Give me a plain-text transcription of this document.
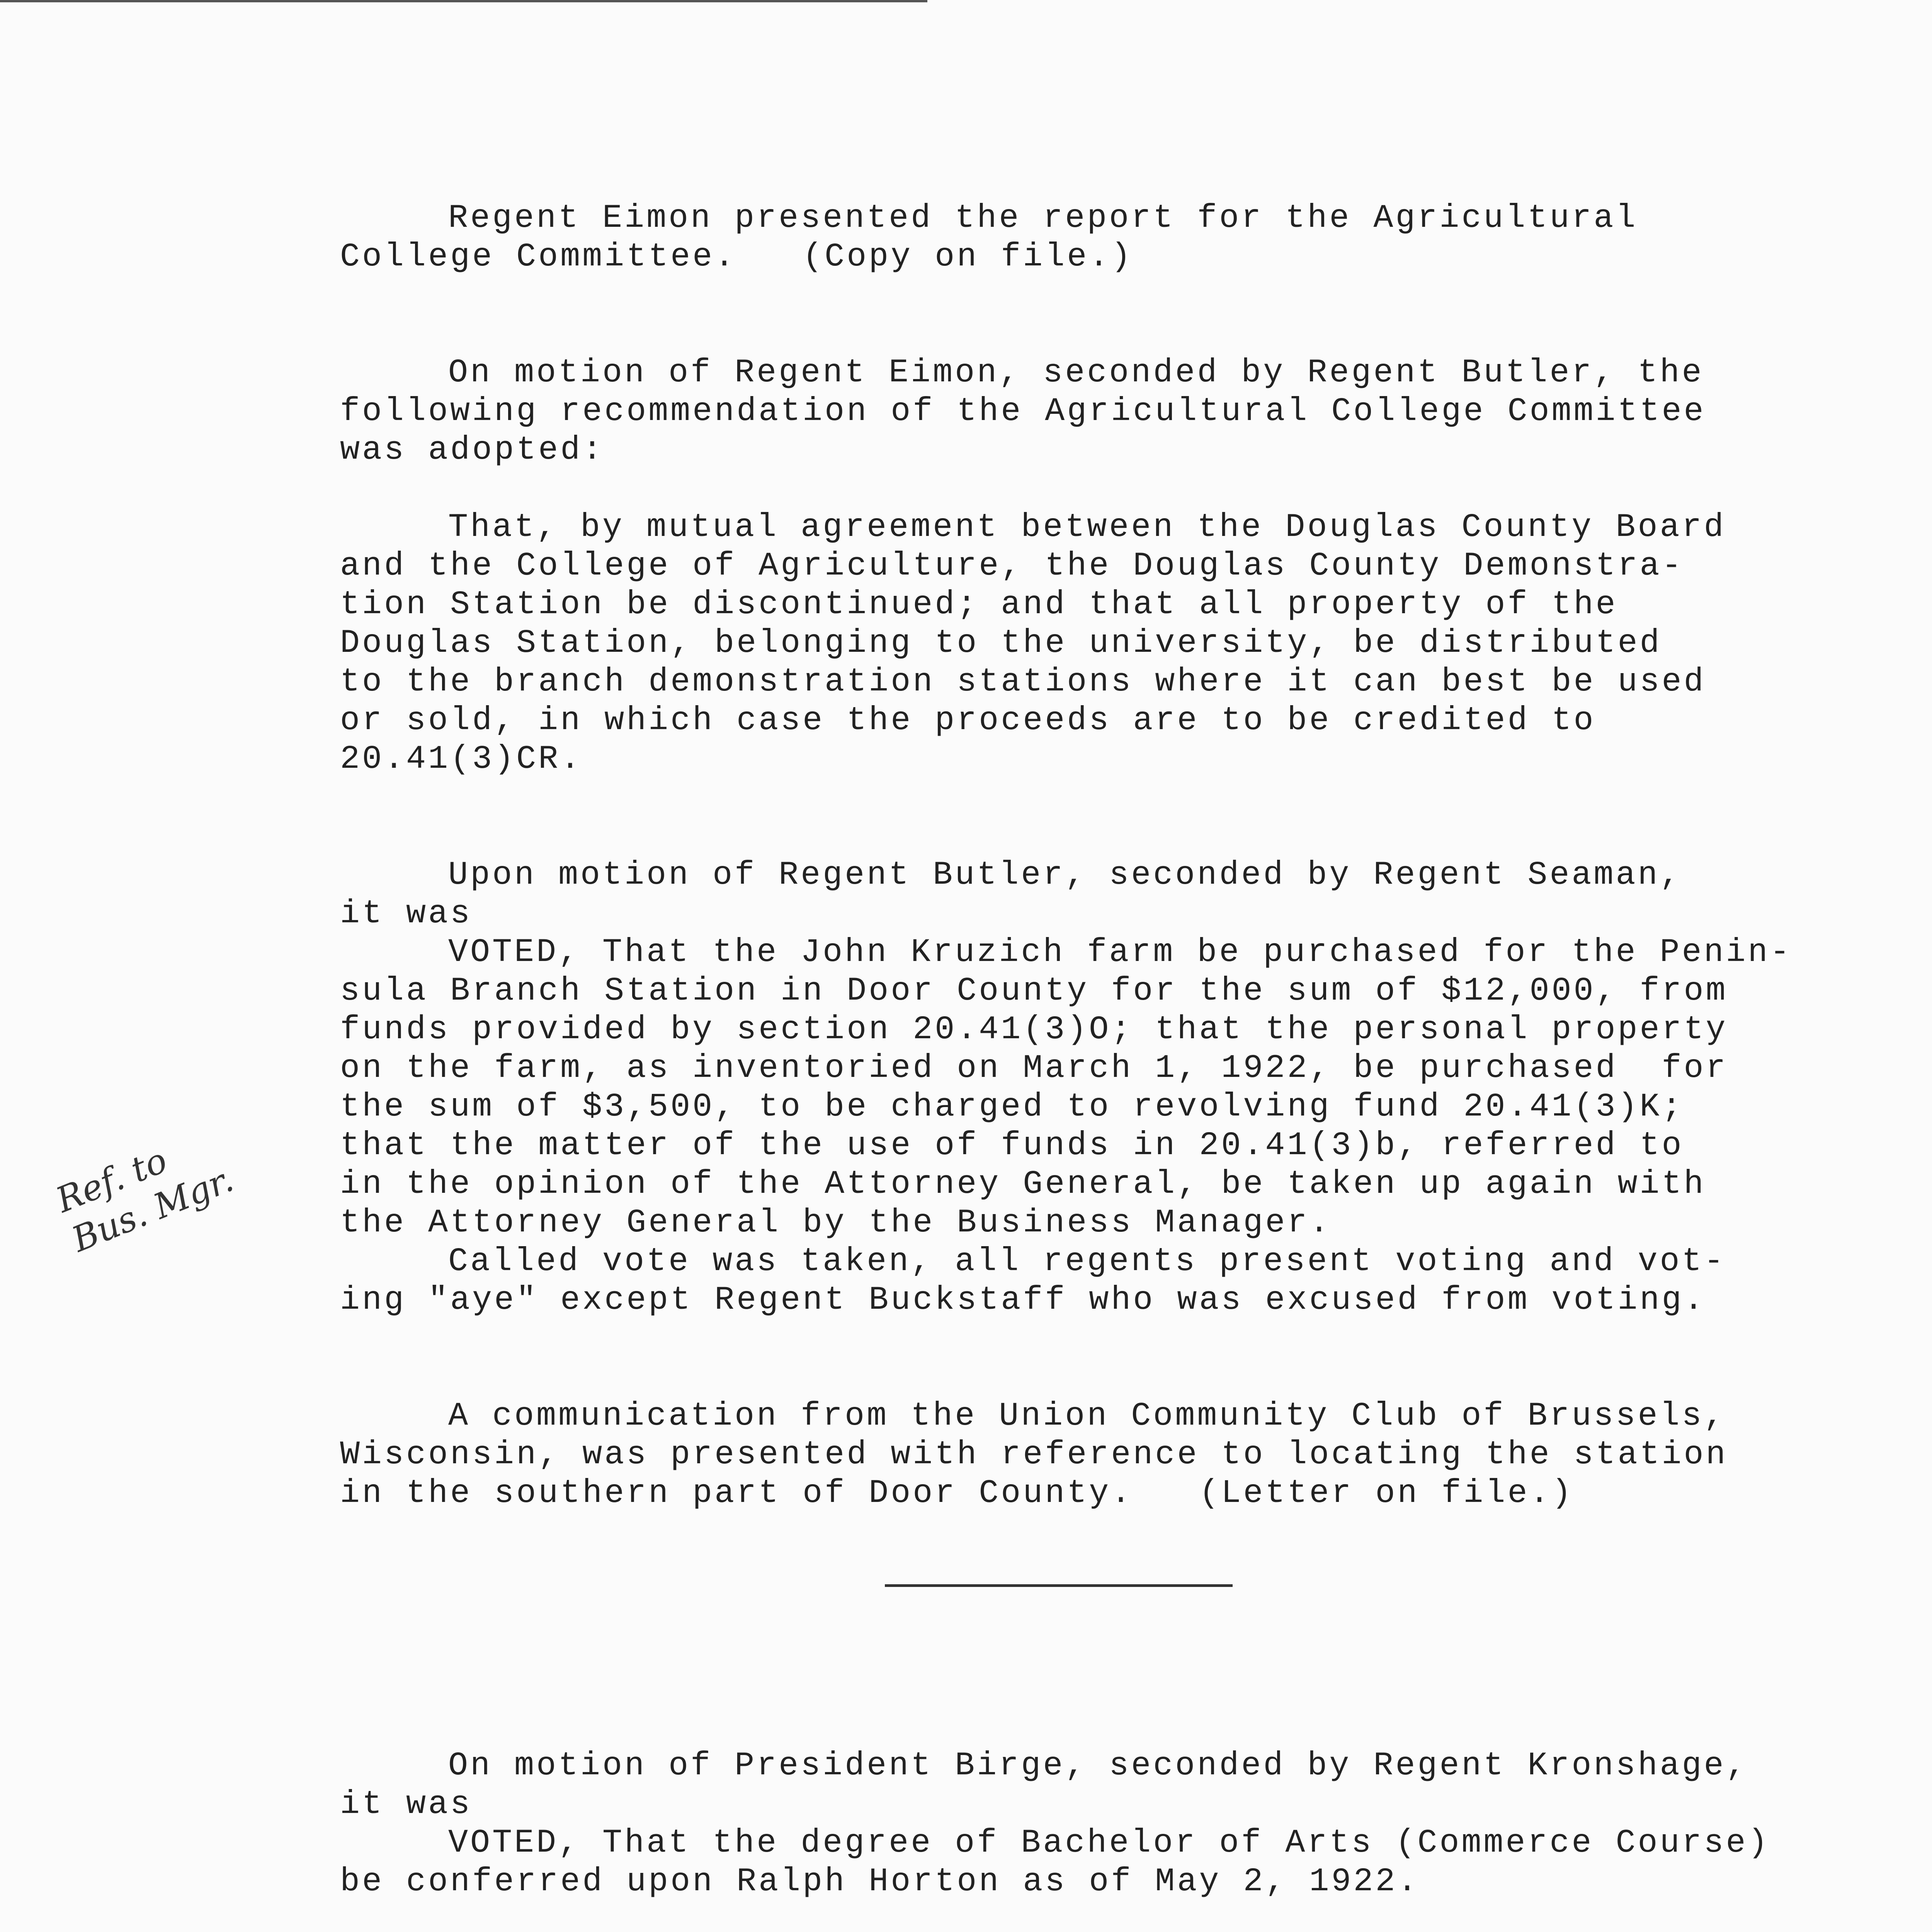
Regent Eimon presented the report for the Agricultural
College Committee.   (Copy on file.)
On motion of Regent Eimon, seconded by Regent Butler, the
following recommendation of the Agricultural College Committee
was adopted:
That, by mutual agreement between the Douglas County Board
and the College of Agriculture, the Douglas County Demonstra-
tion Station be discontinued; and that all property of the
Douglas Station, belonging to the university, be distributed
to the branch demonstration stations where it can best be used
or sold, in which case the proceeds are to be credited to
20.41(3)CR.
Upon motion of Regent Butler, seconded by Regent Seaman,
it was
VOTED, That the John Kruzich farm be purchased for the Penin-
sula Branch Station in Door County for the sum of $12,000, from
funds provided by section 20.41(3)O; that the personal property
on the farm, as inventoried on March 1, 1922, be purchased  for
the sum of $3,500, to be charged to revolving fund 20.41(3)K;
that the matter of the use of funds in 20.41(3)b, referred to
in the opinion of the Attorney General, be taken up again with
the Attorney General by the Business Manager.
Called vote was taken, all regents present voting and vot-
ing "aye" except Regent Buckstaff who was excused from voting.
Ref. to
Bus. Mgr.
A communication from the Union Community Club of Brussels,
Wisconsin, was presented with reference to locating the station
in the southern part of Door County.   (Letter on file.)
On motion of President Birge, seconded by Regent Kronshage,
it was
VOTED, That the degree of Bachelor of Arts (Commerce Course)
be conferred upon Ralph Horton as of May 2, 1922.
